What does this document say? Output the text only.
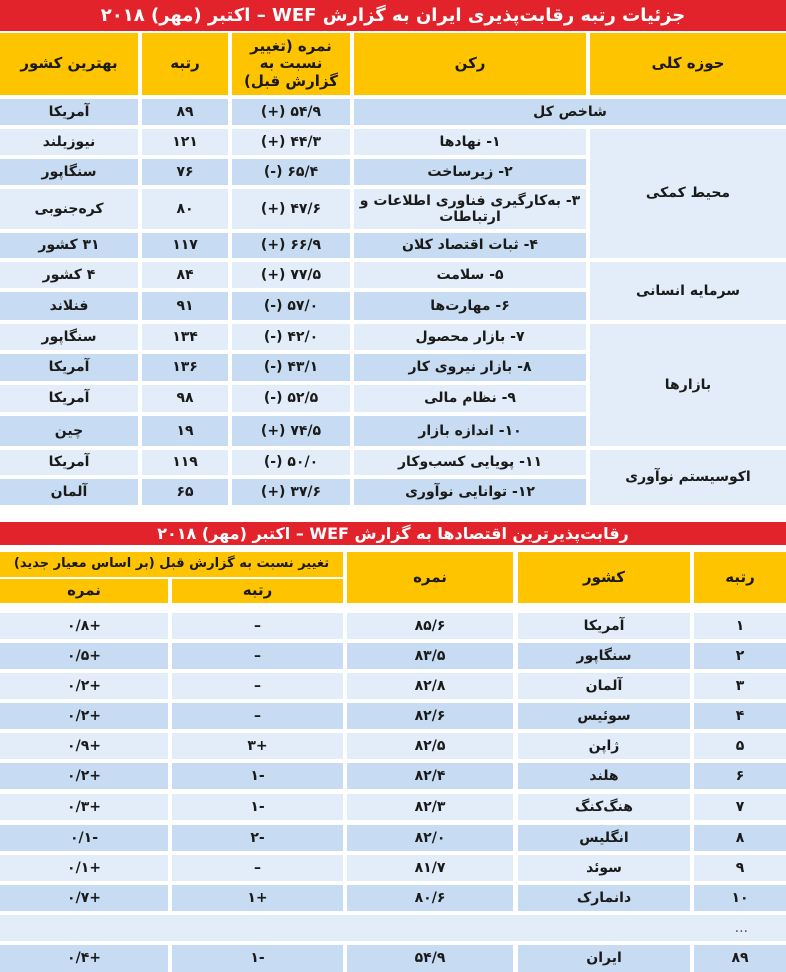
جزئیات رتبه رقابت‌پذیری ایران به گزارش WEF – اکتبر (مهر) ۲۰۱۸
حوزه کلی
رکن
نمره (تغییر نسبت به گزارش قبل)
رتبه
بهترین کشور
شاخص کل
۵۴/۹ (+)
۸۹
آمریکا
محیط کمکی
سرمایه انسانی
بازارها
اکوسیستم نوآوری
۱- نهادها
۴۴/۳ (+)
۱۲۱
نیوزیلند
۲- زیرساخت
۶۵/۴ (-)
۷۶
سنگاپور
۳- به‌کارگیری فناوری اطلاعات و ارتباطات
۴۷/۶ (+)
۸۰
کره‌جنوبی
۴- ثبات اقتصاد کلان
۶۶/۹ (+)
۱۱۷
۳۱ کشور
۵- سلامت
۷۷/۵ (+)
۸۴
۴ کشور
۶- مهارت‌ها
۵۷/۰ (-)
۹۱
فنلاند
۷- بازار محصول
۴۲/۰ (-)
۱۳۴
سنگاپور
۸- بازار نیروی کار
۴۳/۱ (-)
۱۳۶
آمریکا
۹- نظام مالی
۵۲/۵ (-)
۹۸
آمریکا
۱۰- اندازه بازار
۷۴/۵ (+)
۱۹
چین
۱۱- پویایی کسب‌وکار
۵۰/۰ (-)
۱۱۹
آمریکا
۱۲- توانایی نوآوری
۳۷/۶ (+)
۶۵
آلمان
رقابت‌پذیرترین اقتصادها به گزارش WEF – اکتبر (مهر) ۲۰۱۸
رتبه
کشور
نمره
تغییر نسبت به گزارش قبل (بر اساس معیار جدید)
رتبه
نمره
۱
آمریکا
۸۵/۶
–
+۰/۸
۲
سنگاپور
۸۳/۵
–
+۰/۵
۳
آلمان
۸۲/۸
–
+۰/۲
۴
سوئیس
۸۲/۶
–
+۰/۲
۵
ژاپن
۸۲/۵
+۳
+۰/۹
۶
هلند
۸۲/۴
-۱
+۰/۲
۷
هنگ‌کنگ
۸۲/۳
-۱
+۰/۳
۸
انگلیس
۸۲/۰
-۲
-۰/۱
۹
سوئد
۸۱/۷
–
+۰/۱
۱۰
دانمارک
۸۰/۶
+۱
+۰/۷
...
۸۹
ایران
۵۴/۹
-۱
+۰/۴
